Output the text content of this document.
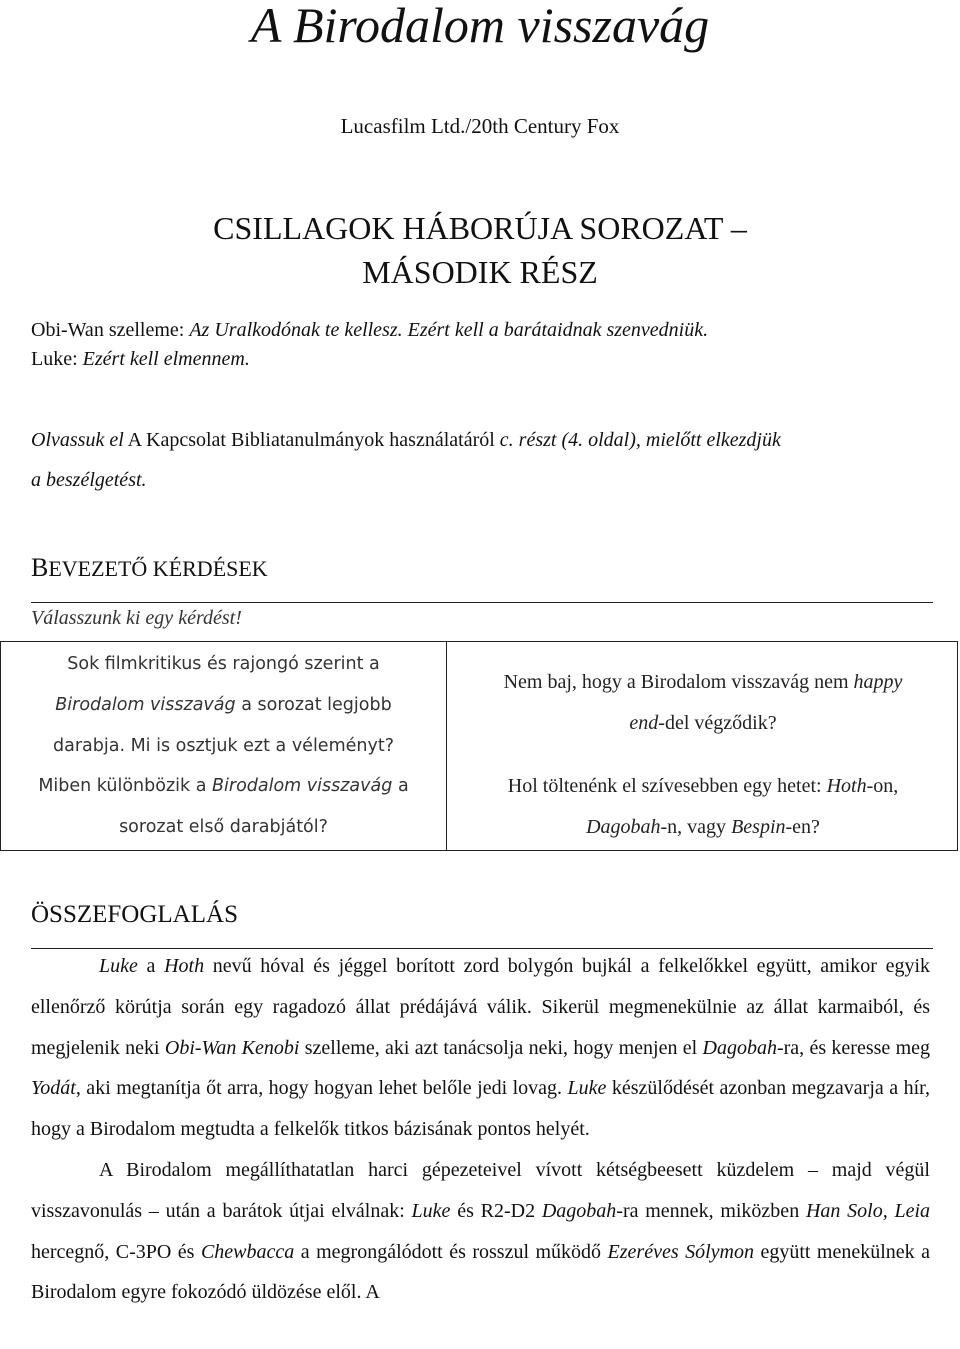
A Birodalom visszavág
Lucasfilm Ltd./20th Century Fox
CSILLAGOK HÁBORÚJA SOROZAT –
MÁSODIK RÉSZ
Obi-Wan szelleme: Az Uralkodónak te kellesz. Ezért kell a barátaidnak szenvedniük.
Luke: Ezért kell elmennem.
Olvassuk el A Kapcsolat Bibliatanulmányok használatáról c. részt (4. oldal), mielőtt elkezdjük
a beszélgetést.
BEVEZETŐ KÉRDÉSEK
Válasszunk ki egy kérdést!
Sok filmkritikus és rajongó szerint a
Birodalom visszavág a sorozat legjobb
darabja. Mi is osztjuk ezt a véleményt?
Miben különbözik a Birodalom visszavág a
sorozat első darabjától?
Nem baj, hogy a Birodalom visszavág nem happy
end-del végződik?
Hol töltenénk el szívesebben egy hetet: Hoth-on,
Dagobah-n, vagy Bespin-en?
ÖSSZEFOGLALÁS

Luke a Hoth nevű hóval és jéggel borított zord bolygón bujkál a felkelőkkel együtt, amikor egyik ellenőrző körútja során egy ragadozó állat prédájává válik. Sikerül megmenekülnie az állat karmaiból, és megjelenik neki Obi-Wan Kenobi szelleme, aki azt tanácsolja neki, hogy menjen el Dagobah-ra, és keresse meg Yodát, aki megtanítja őt arra, hogy hogyan lehet belőle jedi lovag. Luke készülődését azonban megzavarja a hír, hogy a Birodalom megtudta a felkelők titkos bázisának pontos helyét.

A Birodalom megállíthatatlan harci gépezeteivel vívott kétségbeesett küzdelem – majd végül visszavonulás – után a barátok útjai elválnak: Luke és R2-D2 Dagobah-ra mennek, miközben Han Solo, Leia hercegnő, C-3PO és Chewbacca a megrongálódott és rosszul működő Ezeréves Sólymon együtt menekülnek a Birodalom egyre fokozódó üldözése elől. A
